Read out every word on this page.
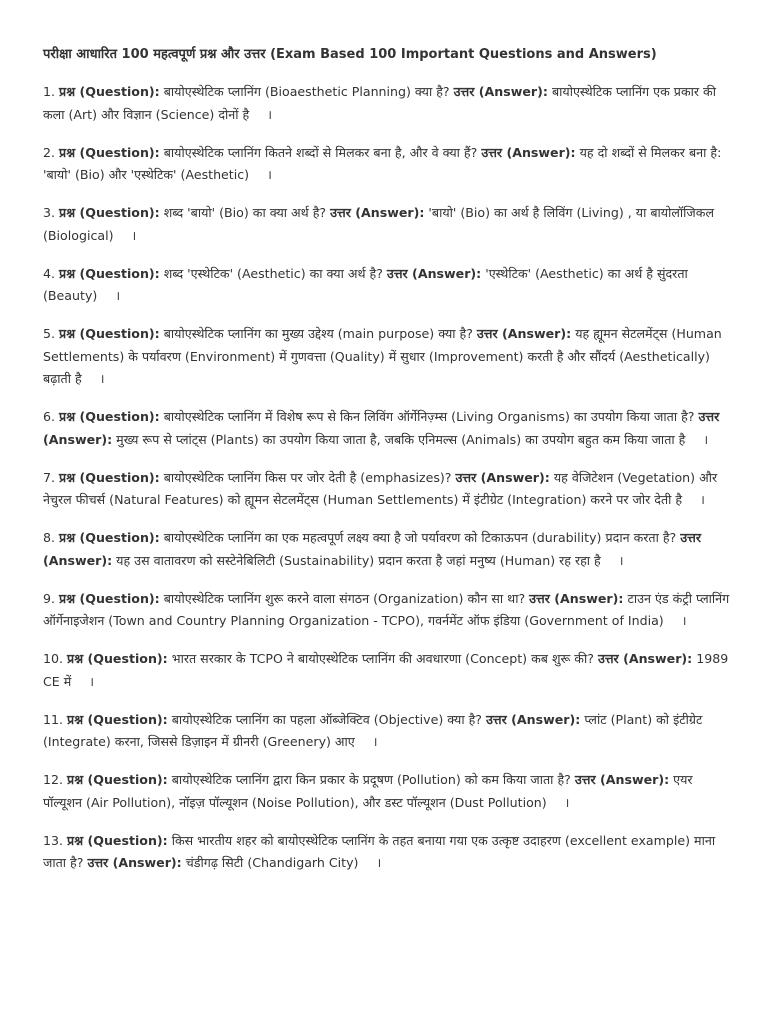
परीक्षा आधारित 100 महत्वपूर्ण प्रश्न और उत्तर (Exam Based 100 Important Questions and Answers)

1. प्रश्न (Question): बायोएस्थेटिक प्लानिंग (Bioaesthetic Planning) क्या है? उत्तर (Answer): बायोएस्थेटिक प्लानिंग एक प्रकार की कला (Art) और विज्ञान (Science) दोनों है ।

2. प्रश्न (Question): बायोएस्थेटिक प्लानिंग कितने शब्दों से मिलकर बना है, और वे क्या हैं? उत्तर (Answer): यह दो शब्दों से मिलकर बना है: 'बायो' (Bio) और 'एस्थेटिक' (Aesthetic) ।

3. प्रश्न (Question): शब्द 'बायो' (Bio) का क्या अर्थ है? उत्तर (Answer): 'बायो' (Bio) का अर्थ है लिविंग (Living) , या बायोलॉजिकल (Biological) ।

4. प्रश्न (Question): शब्द 'एस्थेटिक' (Aesthetic) का क्या अर्थ है? उत्तर (Answer): 'एस्थेटिक' (Aesthetic) का अर्थ है सुंदरता (Beauty) ।

5. प्रश्न (Question): बायोएस्थेटिक प्लानिंग का मुख्य उद्देश्य (main purpose) क्या है? उत्तर (Answer): यह ह्यूमन सेटलमेंट्स (Human Settlements) के पर्यावरण (Environment) में गुणवत्ता (Quality) में सुधार (Improvement) करती है और सौंदर्य (Aesthetically) बढ़ाती है ।

6. प्रश्न (Question): बायोएस्थेटिक प्लानिंग में विशेष रूप से किन लिविंग ऑर्गेनिज़्म्स (Living Organisms) का उपयोग किया जाता है? उत्तर (Answer): मुख्य रूप से प्लांट्स (Plants) का उपयोग किया जाता है, जबकि एनिमल्स (Animals) का उपयोग बहुत कम किया जाता है ।

7. प्रश्न (Question): बायोएस्थेटिक प्लानिंग किस पर जोर देती है (emphasizes)? उत्तर (Answer): यह वेजिटेशन (Vegetation) और नेचुरल फीचर्स (Natural Features) को ह्यूमन सेटलमेंट्स (Human Settlements) में इंटीग्रेट (Integration) करने पर जोर देती है ।

8. प्रश्न (Question): बायोएस्थेटिक प्लानिंग का एक महत्वपूर्ण लक्ष्य क्या है जो पर्यावरण को टिकाऊपन (durability) प्रदान करता है? उत्तर (Answer): यह उस वातावरण को सस्टेनेबिलिटी (Sustainability) प्रदान करता है जहां मनुष्य (Human) रह रहा है ।

9. प्रश्न (Question): बायोएस्थेटिक प्लानिंग शुरू करने वाला संगठन (Organization) कौन सा था? उत्तर (Answer): टाउन एंड कंट्री प्लानिंग ऑर्गेनाइजेशन (Town and Country Planning Organization - TCPO), गवर्नमेंट ऑफ इंडिया (Government of India) ।

10. प्रश्न (Question): भारत सरकार के TCPO ने बायोएस्थेटिक प्लानिंग की अवधारणा (Concept) कब शुरू की? उत्तर (Answer): 1989 CE में ।

11. प्रश्न (Question): बायोएस्थेटिक प्लानिंग का पहला ऑब्जेक्टिव (Objective) क्या है? उत्तर (Answer): प्लांट (Plant) को इंटीग्रेट (Integrate) करना, जिससे डिज़ाइन में ग्रीनरी (Greenery) आए ।

12. प्रश्न (Question): बायोएस्थेटिक प्लानिंग द्वारा किन प्रकार के प्रदूषण (Pollution) को कम किया जाता है? उत्तर (Answer): एयर पॉल्यूशन (Air Pollution), नॉइज़ पॉल्यूशन (Noise Pollution), और डस्ट पॉल्यूशन (Dust Pollution) ।

13. प्रश्न (Question): किस भारतीय शहर को बायोएस्थेटिक प्लानिंग के तहत बनाया गया एक उत्कृष्ट उदाहरण (excellent example) माना जाता है? उत्तर (Answer): चंडीगढ़ सिटी (Chandigarh City) ।
